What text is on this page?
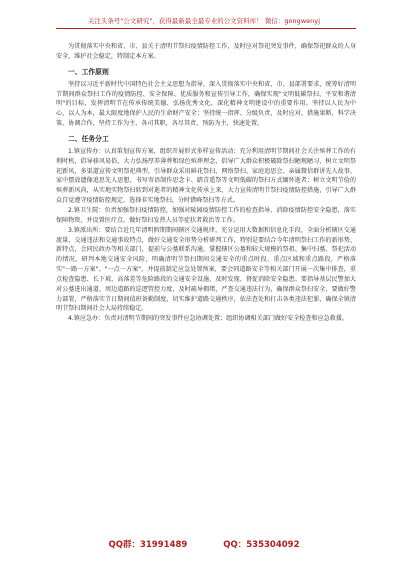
关注头条号"公文研究"，获得最新最全最专业的公文资料库！ 微信：gongwenyj

为贯彻落实中央和省、市、县关于清明节祭扫疫情防控工作，及时应对祭祀突发事件，确保祭祀群众的人身安全，维护社会稳定，特制定本方案。

一、工作原则

坚持以习近平新时代中国特色社会主义思想为指导，深入贯彻落实中央和省、市、县部署要求，统筹好清明节期间群众祭扫工作的疫情防控、安全保障、优质服务和宣传引导工作，确保实现"文明低碳祭扫、平安和谐清明"的目标，发挥清明节在传承传统美德、弘扬优秀文化、深化精神文明建设中的重要作用。坚持以人民为中心，以人为本，最大限度地保护人民的生命财产安全；坚持统一指挥、分级负责，及时应对、措施果断、科学决策、协调合作，坚持工作为主，各司其职，各尽其责，预防为主，快速处置。

二、任务分工

1.镇宣传办：认真策划宣传方案，组织开展形式多样宣传活动；充分利用清明节期间社会关注殡葬工作的有利时机，倡导移风易俗，大力弘扬厚养薄葬和绿色殡葬理念，倡导广大群众积极破除祭扫陋规陋习，树立文明祭祀新风，多渠道宣传文明祭祀典型，引导群众采用鲜花祭扫、网络祭扫、家庭追思会、亲属微信群讲先人故事、家中摆放遗像追思先人思想、书写寄语制作思念卡、踏青遥祭等文明低碳的祭扫方式缅怀逝者；树立文明节俭的殡葬新风尚，从实地实物祭扫转到对逝者的精神文化传承上来，大力宣传清明节祭扫疫情防控措施，引导广大群众自觉遵守疫情防控规定，选择非实地祭扫，分时错峰祭扫等方式。

2.镇卫生院：负责加强祭扫疫情防控，加强对陵园疫情防控工作的检查指导，消除疫情防控安全隐患，落实保障物资，并设置医疗点，做好祭扫发热人员等症状者救治等工作。

3.镇派出所：要结合近几年清明假期期间辖区交通规律，充分运用大数据和信息化手段，全面分析辖区交通流量、交通违法和交通事故特点，做好交通安全形势分析研判工作，特别是要结合今年清明祭扫工作的新形势、新特点，会同民政办等相关部门，提前与公墓联系沟通，掌握辖区公墓和较大规模的祭祖、集中扫墓、祭祀活动的情况，研判本地交通安全风险，明确清明节祭扫期间交通安全的重点时段、重点区域和重点路段，严格落实"一路一方案"、"一点一方案"，并提前制定应急处置预案，要会同道路安全等相关部门开展一次集中排查，重点检查隐患、长下坡、高落差等危险路段的交通安全设施，及时发现、督促消除安全隐患。要指导基层民警加大对公墓进出通道、周边道路的巡逻管控力度，及时疏导拥堵，严查交通违法行为，确保群众祭扫安全，要做好警力部署，严格落实节日期间值班备勤制度，切实维护道路交通秩序，依法查处和打击各类违法犯罪，确保全镇清明节祭扫期间社会大局持续稳定。

4.镇应急办：负责对清明节期间的突发事件应急协调处置；组织协调相关部门做好安全检查和应急救援。

QQ群：31991489	QQ：535304092
